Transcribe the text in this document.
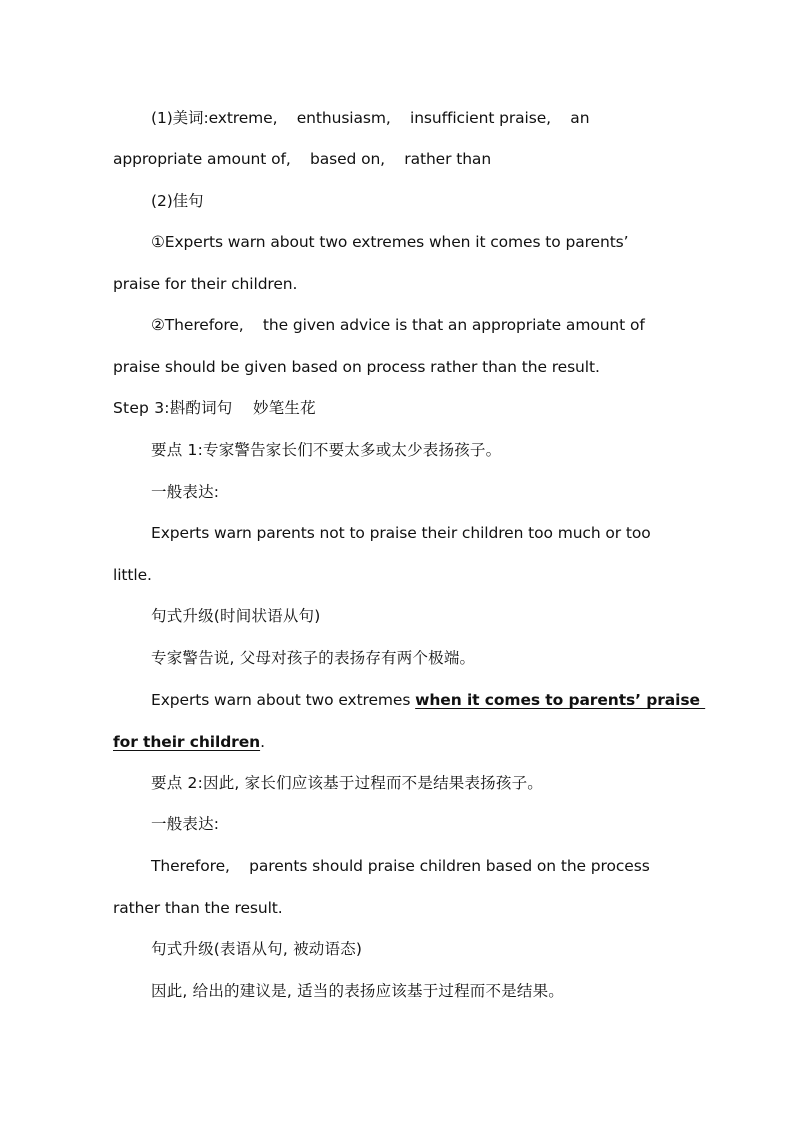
(1)美词:extreme,    enthusiasm,    insufficient praise,    an
appropriate amount of,    based on,    rather than
(2)佳句
①Experts warn about two extremes when it comes to parents’
praise for their children.
②Therefore,    the given advice is that an appropriate amount of
praise should be given based on process rather than the result.
Step 3:斟酌词句    妙笔生花
要点 1:专家警告家长们不要太多或太少表扬孩子。
一般表达:
Experts warn parents not to praise their children too much or too
little.
句式升级(时间状语从句)
专家警告说, 父母对孩子的表扬存有两个极端。
Experts warn about two extremes when it comes to parents’ praise
for their children.
要点 2:因此, 家长们应该基于过程而不是结果表扬孩子。
一般表达:
Therefore,    parents should praise children based on the process
rather than the result.
句式升级(表语从句, 被动语态)
因此, 给出的建议是, 适当的表扬应该基于过程而不是结果。
